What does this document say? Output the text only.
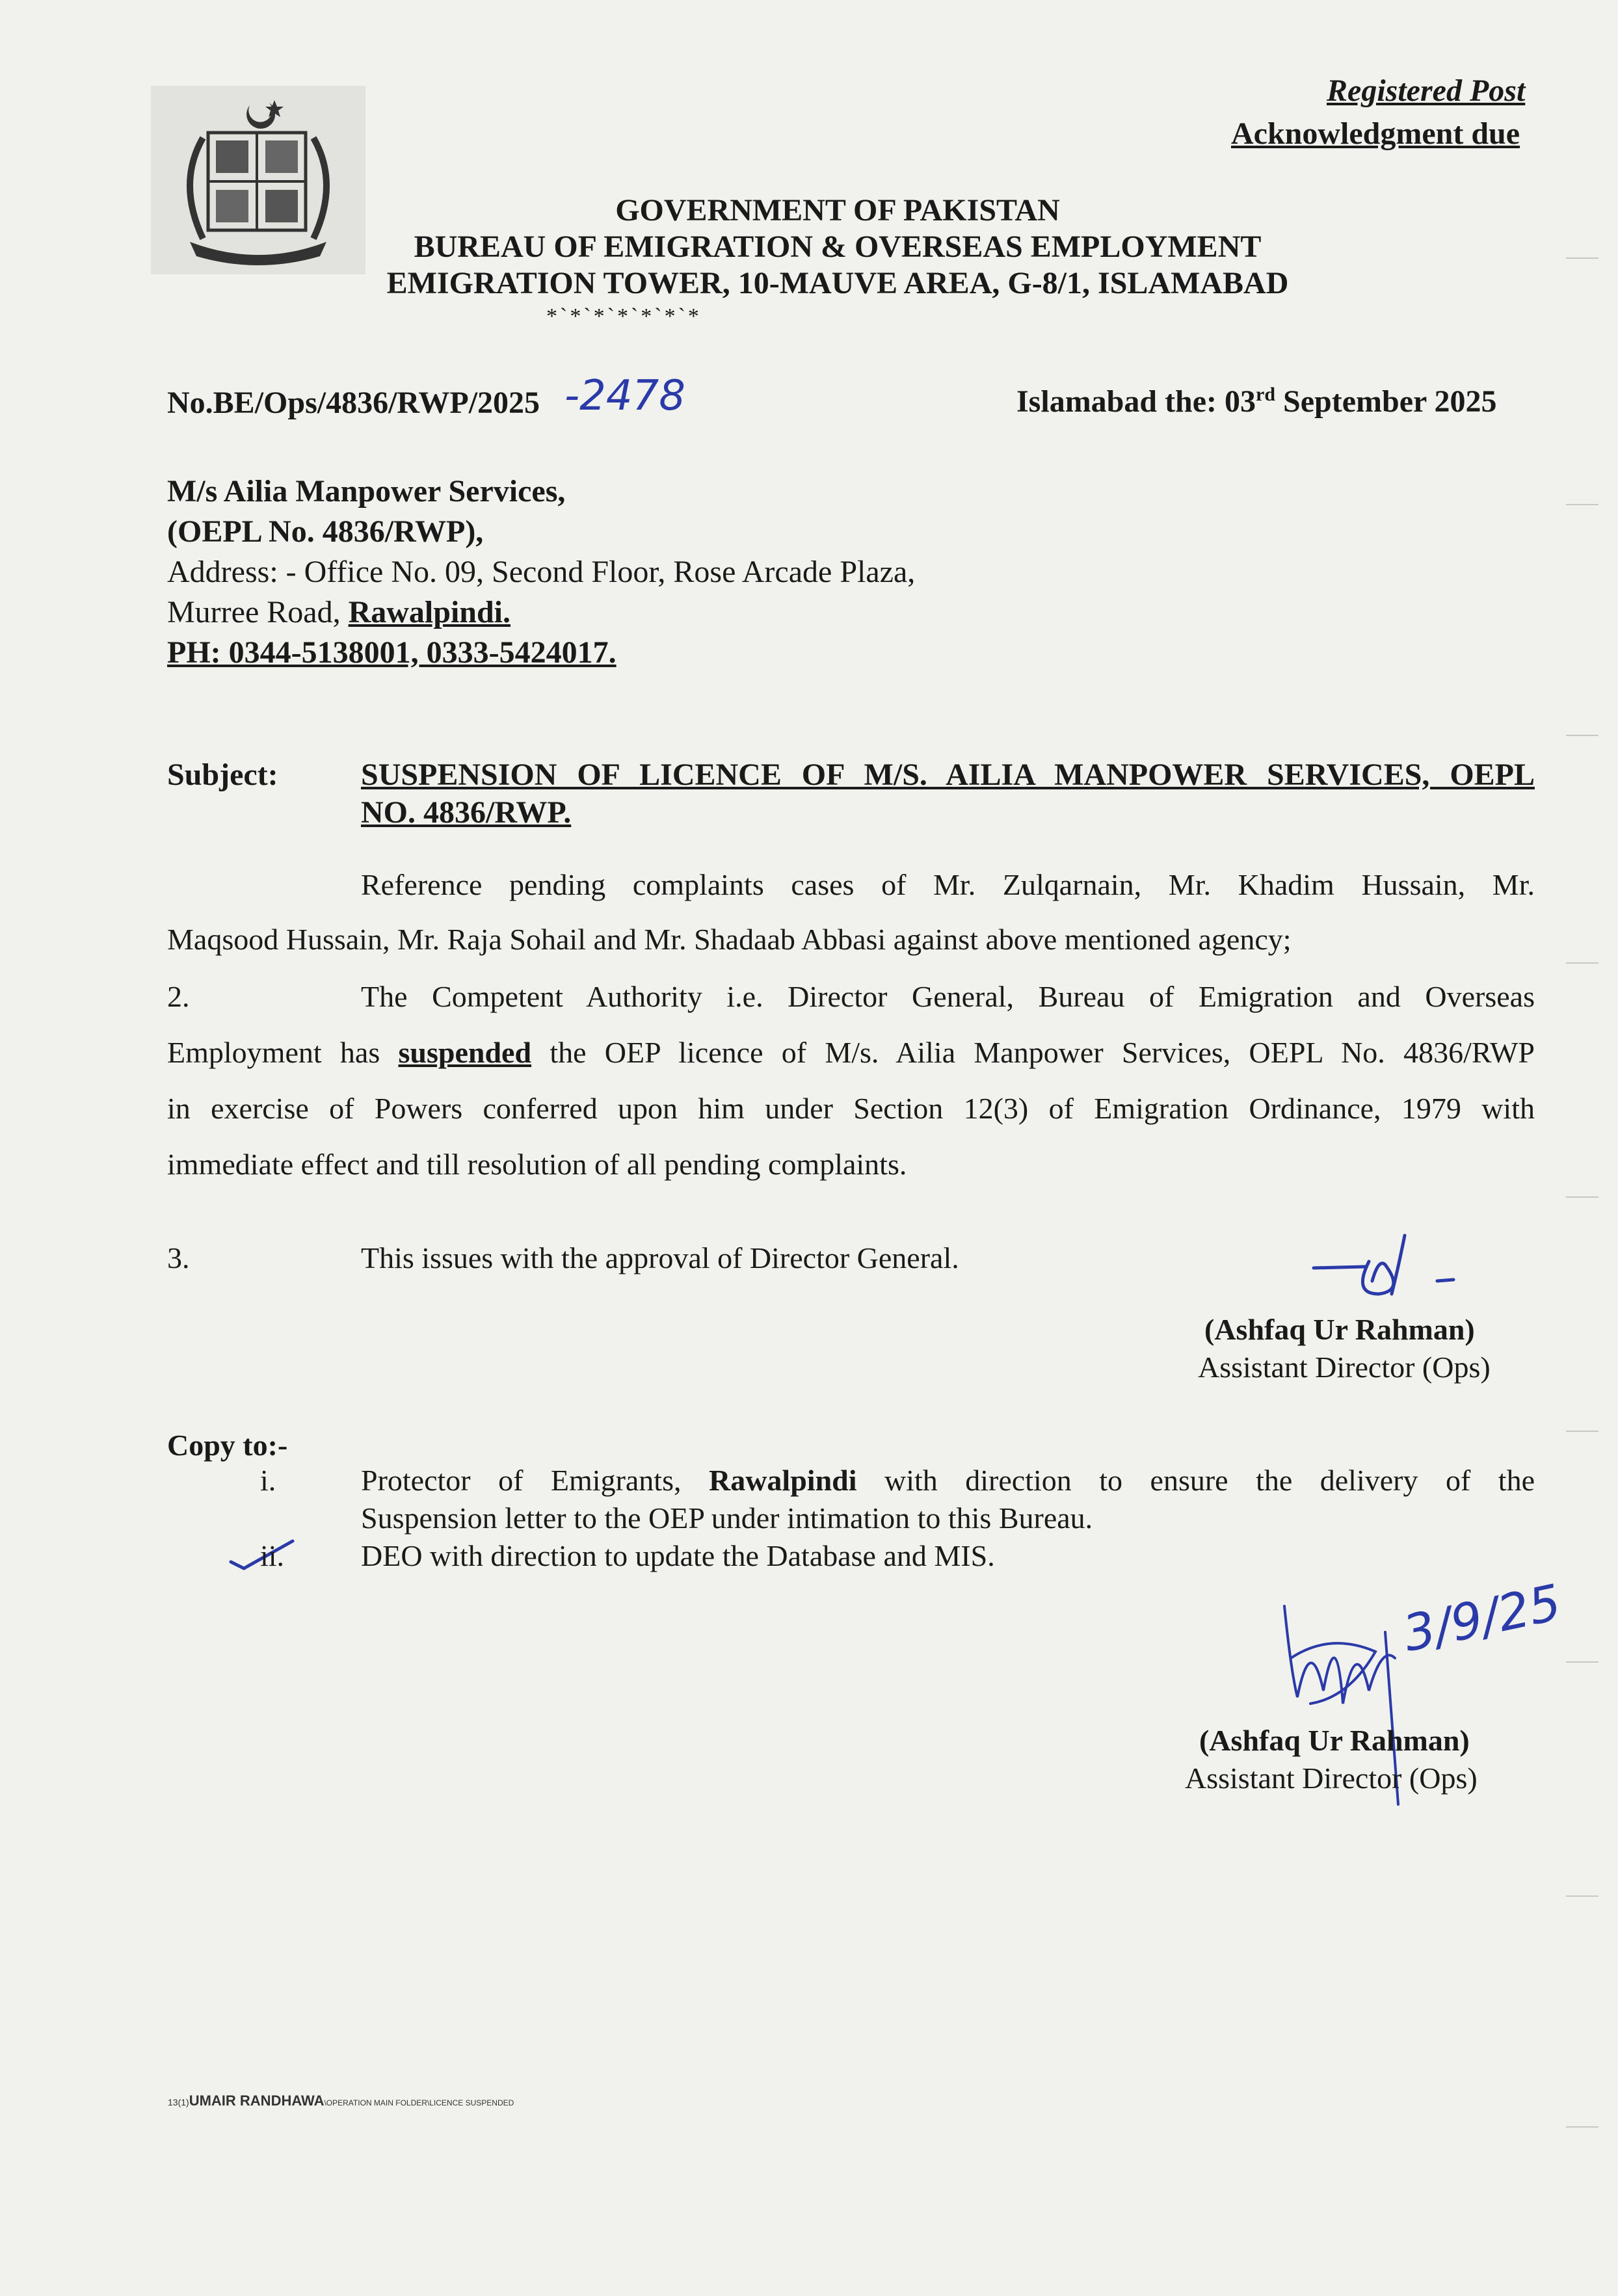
Registered Post
Acknowledgment due
GOVERNMENT OF PAKISTAN
BUREAU OF EMIGRATION & OVERSEAS EMPLOYMENT
EMIGRATION TOWER, 10-MAUVE AREA, G-8/1, ISLAMABAD
*`*`*`*`*`*`*
No.BE/Ops/4836/RWP/2025 -2478	Islamabad the: 03rd September 2025
M/s Ailia Manpower Services,
(OEPL No. 4836/RWP),
Address: - Office No. 09, Second Floor, Rose Arcade Plaza,
Murree Road, Rawalpindi.
PH: 0344-5138001, 0333-5424017.
Subject:	SUSPENSION OF LICENCE OF M/S. AILIA MANPOWER SERVICES, OEPL
NO. 4836/RWP.
Reference pending complaints cases of Mr. Zulqarnain, Mr. Khadim Hussain, Mr.
Maqsood Hussain, Mr. Raja Sohail and Mr. Shadaab Abbasi against above mentioned agency;
2.	The Competent Authority i.e. Director General, Bureau of Emigration and Overseas
Employment has suspended the OEP licence of M/s. Ailia Manpower Services, OEPL No. 4836/RWP
in exercise of Powers conferred upon him under Section 12(3) of Emigration Ordinance, 1979 with
immediate effect and till resolution of all pending complaints.
3.	This issues with the approval of Director General.
(Ashfaq Ur Rahman)
Assistant Director (Ops)
Copy to:-
i.	Protector of Emigrants, Rawalpindi with direction to ensure the delivery of the
Suspension letter to the OEP under intimation to this Bureau.
ii.	DEO with direction to update the Database and MIS.
3/9/25
(Ashfaq Ur Rahman)
Assistant Director (Ops)
13(1)UMAIR RANDHAWA\OPERATION MAIN FOLDER\LICENCE SUSPENDED
